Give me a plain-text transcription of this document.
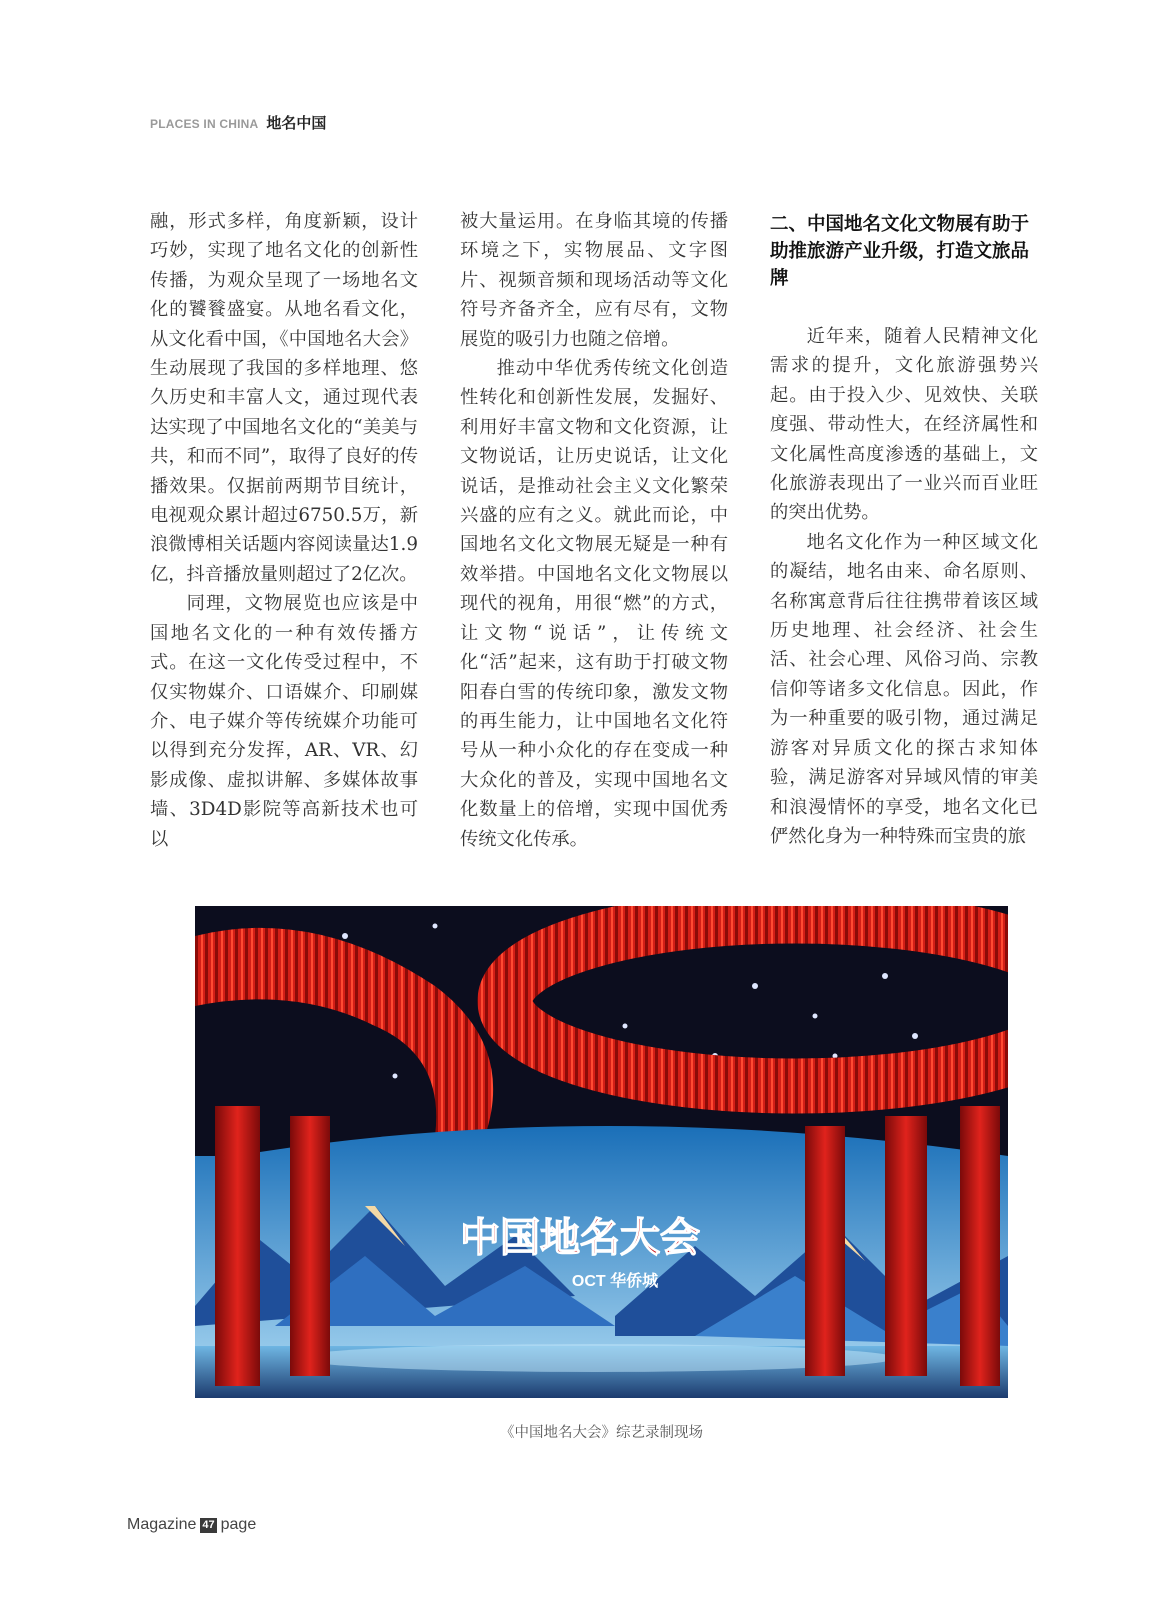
PLACES IN CHINA 地名中国

融，形式多样，角度新颖，设计巧妙，实现了地名文化的创新性传播，为观众呈现了一场地名文化的饕餮盛宴。从地名看文化，从文化看中国，《中国地名大会》生动展现了我国的多样地理、悠久历史和丰富人文，通过现代表达实现了中国地名文化的“美美与共，和而不同”，取得了良好的传播效果。仅据前两期节目统计，电视观众累计超过6750.5万，新浪微博相关话题内容阅读量达1.9亿，抖音播放量则超过了2亿次。

同理，文物展览也应该是中国地名文化的一种有效传播方式。在这一文化传受过程中，不仅实物媒介、口语媒介、印刷媒介、电子媒介等传统媒介功能可以得到充分发挥，AR、VR、幻影成像、虚拟讲解、多媒体故事墙、3D4D影院等高新技术也可以

被大量运用。在身临其境的传播环境之下，实物展品、文字图片、视频音频和现场活动等文化符号齐备齐全，应有尽有，文物展览的吸引力也随之倍增。

推动中华优秀传统文化创造性转化和创新性发展，发掘好、利用好丰富文物和文化资源，让文物说话，让历史说话，让文化说话，是推动社会主义文化繁荣兴盛的应有之义。就此而论，中国地名文化文物展无疑是一种有效举措。中国地名文化文物展以现代的视角，用很“燃”的方式，让文物“说话”，让传统文化“活”起来，这有助于打破文物阳春白雪的传统印象，激发文物的再生能力，让中国地名文化符号从一种小众化的存在变成一种大众化的普及，实现中国地名文化数量上的倍增，实现中国优秀传统文化传承。

二、中国地名文化文物展有助于助推旅游产业升级，打造文旅品牌

近年来，随着人民精神文化需求的提升，文化旅游强势兴起。由于投入少、见效快、关联度强、带动性大，在经济属性和文化属性高度渗透的基础上，文化旅游表现出了一业兴而百业旺的突出优势。

地名文化作为一种区域文化的凝结，地名由来、命名原则、名称寓意背后往往携带着该区域历史地理、社会经济、社会生活、社会心理、风俗习尚、宗教信仰等诸多文化信息。因此，作为一种重要的吸引物，通过满足游客对异质文化的探古求知体验，满足游客对异域风情的审美和浪漫情怀的享受，地名文化已俨然化身为一种特殊而宝贵的旅

中国地名大会
OCT 华侨城
《中国地名大会》综艺录制现场
Magazine 47 page
